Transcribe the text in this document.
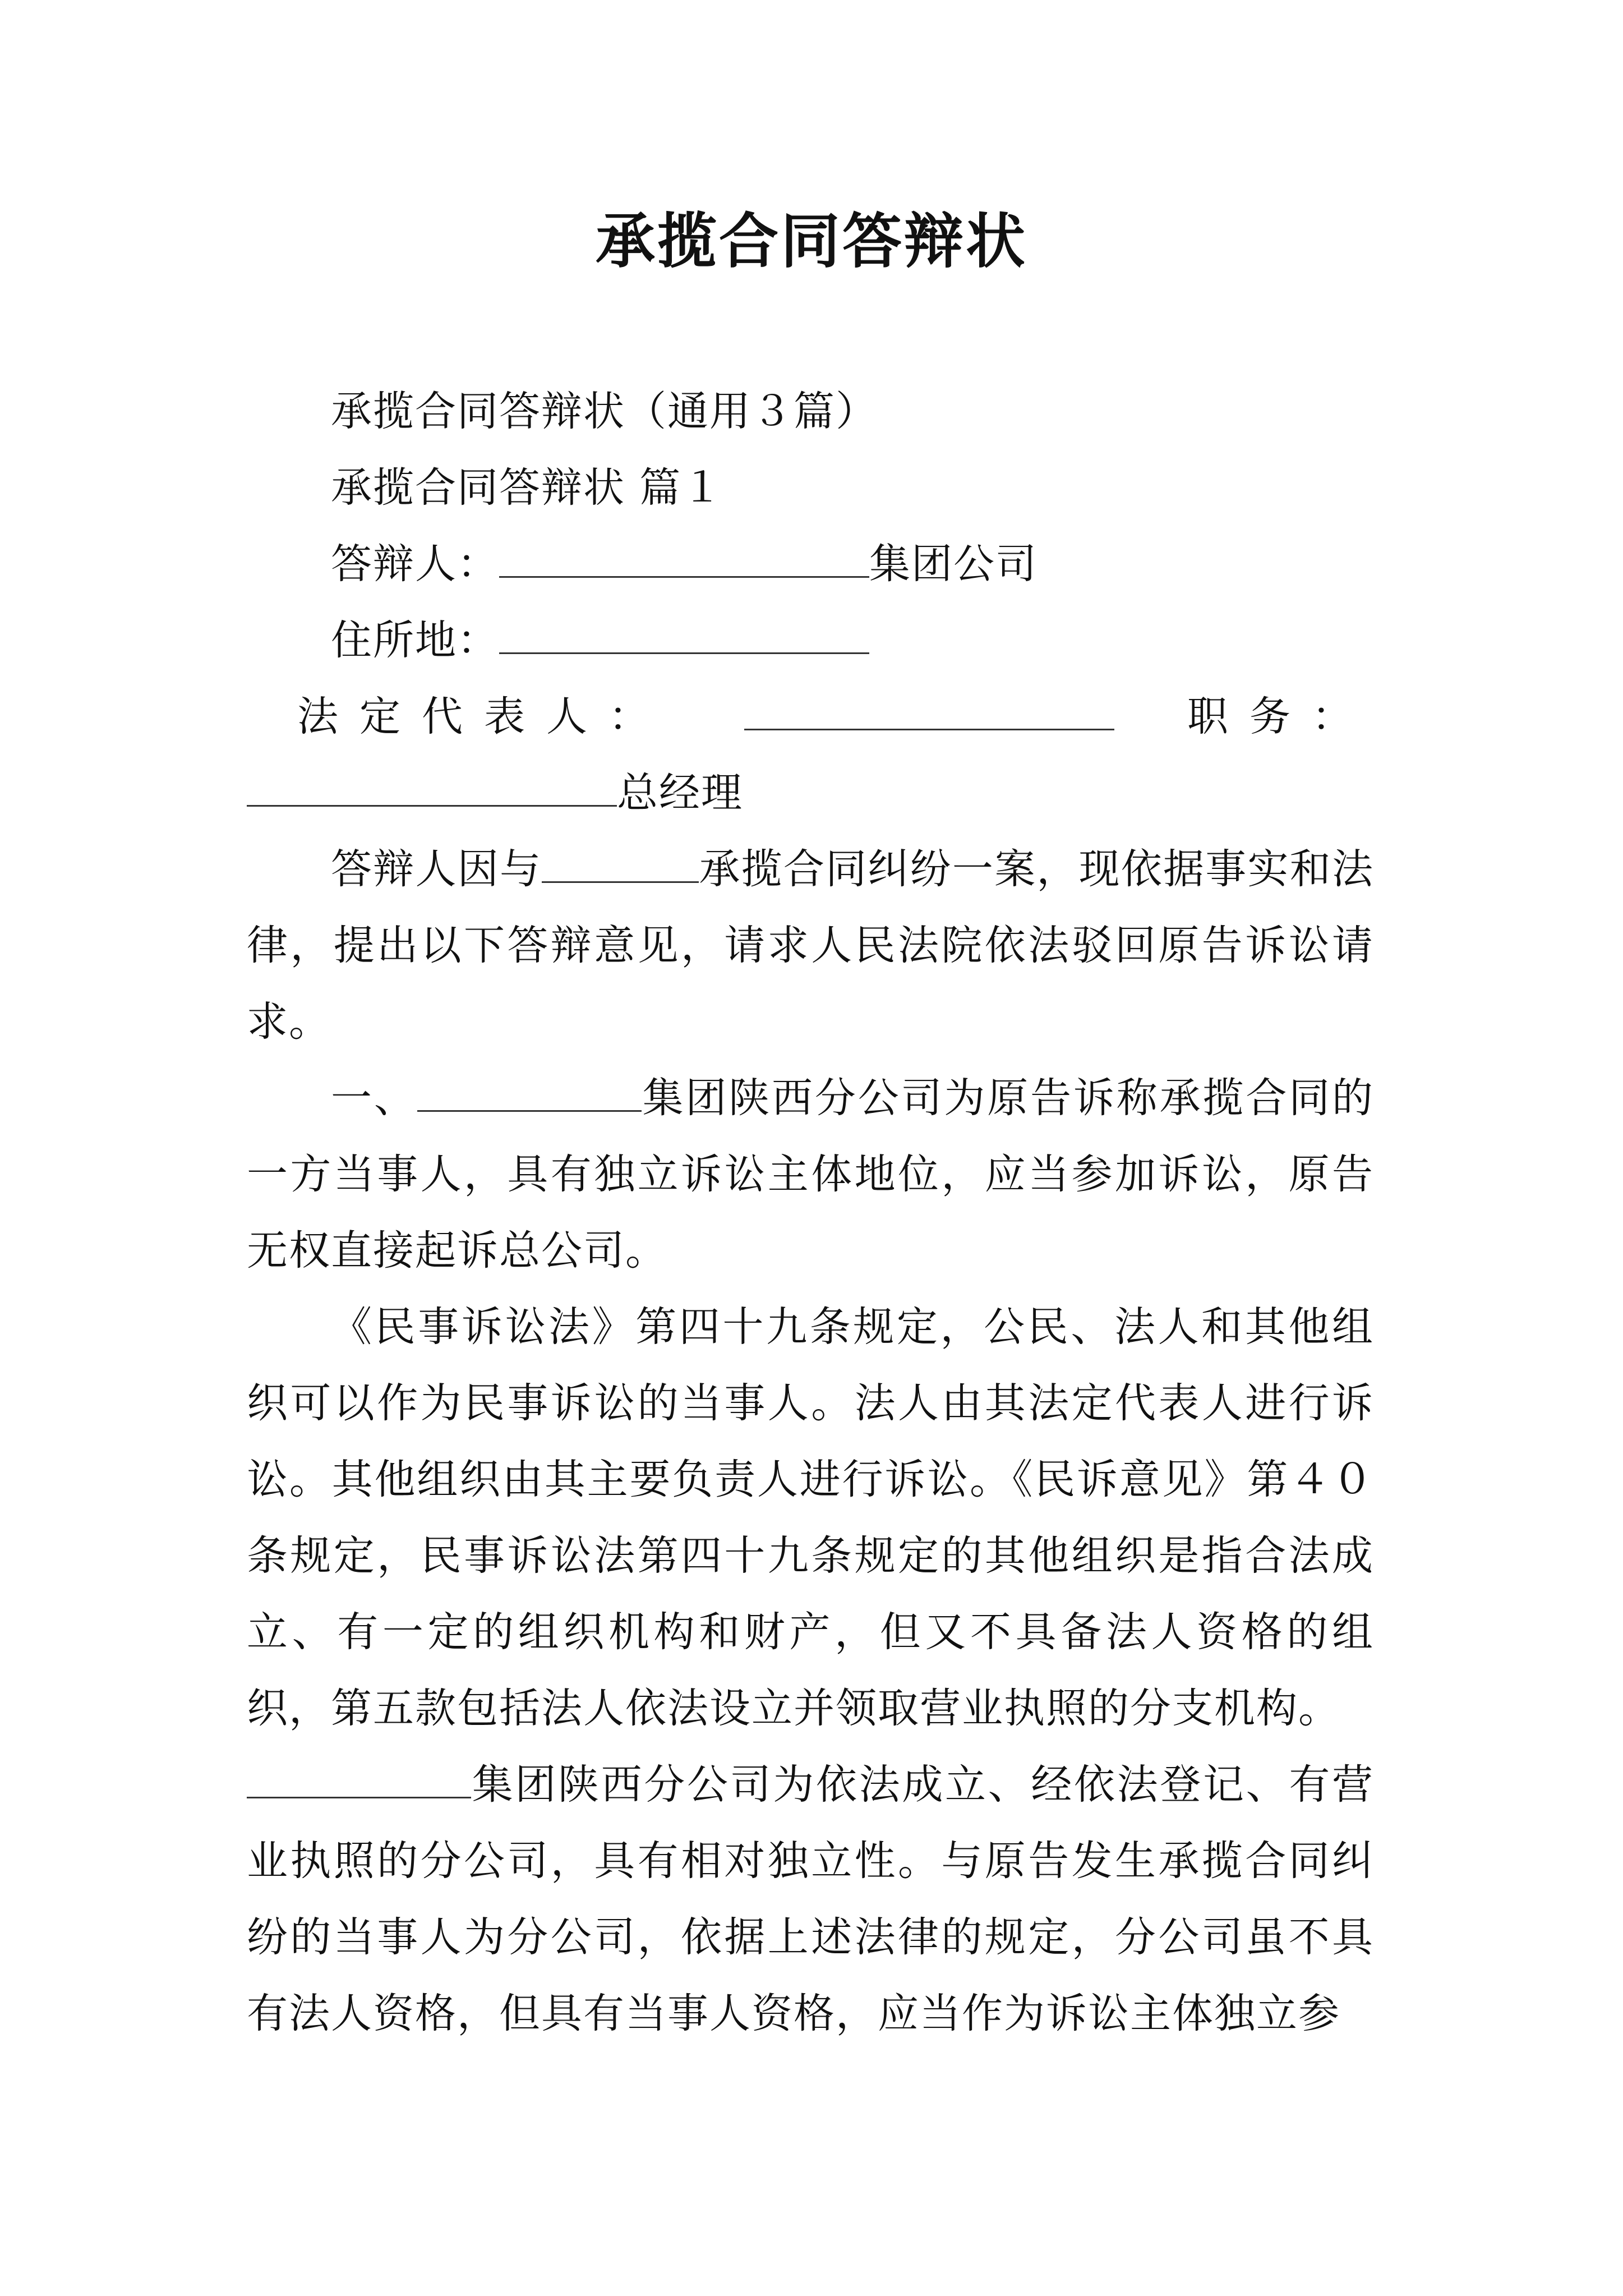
承揽合同答辩状

承揽合同答辩状（通用３篇）

承揽合同答辩状 篇１

答辩人：	集团公司

住所地：

法定代表人：	职务：

总经理

答辩人因与	承揽合同纠纷一案，现依据事实和法律，提出以下答辩意见，请求人民法院依法驳回原告诉讼请求。

一、	集团陕西分公司为原告诉称承揽合同的一方当事人，具有独立诉讼主体地位，应当参加诉讼，原告无权直接起诉总公司。

《民事诉讼法》第四十九条规定，公民、法人和其他组织可以作为民事诉讼的当事人。法人由其法定代表人进行诉讼。其他组织由其主要负责人进行诉讼。《民诉意见》第４０条规定，民事诉讼法第四十九条规定的其他组织是指合法成立、有一定的组织机构和财产，但又不具备法人资格的组织，第五款包括法人依法设立并领取营业执照的分支机构。

集团陕西分公司为依法成立、经依法登记、有营业执照的分公司，具有相对独立性。与原告发生承揽合同纠纷的当事人为分公司，依据上述法律的规定，分公司虽不具有法人资格，但具有当事人资格，应当作为诉讼主体独立参
